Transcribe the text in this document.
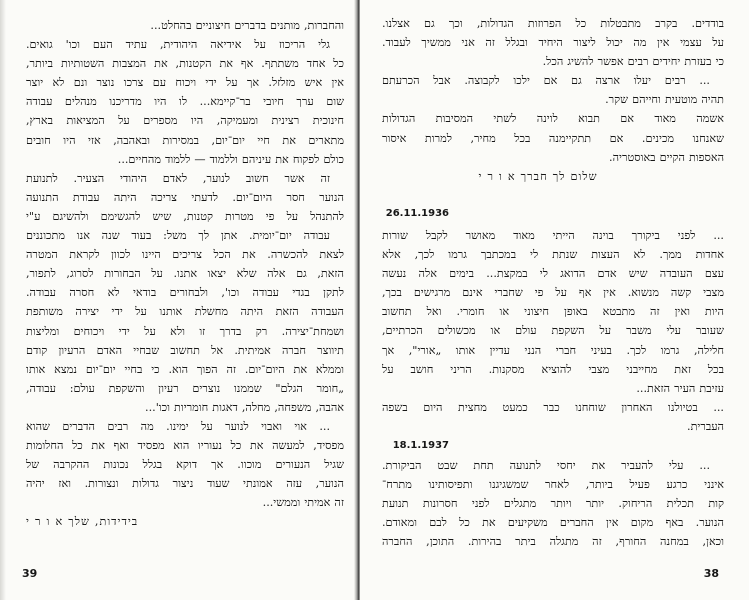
והחברות, מותנים בדברים חיצוניים בהחלט...
גלי הריכוז על אידיאה היהודית, עתיד העם וכו' גואים.
כל אחד משתתף. אף את הקטנות, את המצבות השטותיות ביותר,
אין איש מזלזל. אך על ידי ויכוח עם צרכו נוצר ונם לא יוצר
שום ערך חיובי בר־קיימא... לו היו מדריכנו מנהלים עבודה
חינוכית רצינית ומעמיקה, היו מספרים על המציאות בארץ,
מתארים את חיי יום־יום, במסירות ובאהבה, אזי היו חובים
כולם לפקוח את עיניהם וללמוד — ללמוד מהחיים...
זה אשר חשוב לנוער, לאדם היהודי הצעיר. לתנועת
הנוער חסר היום־יום. לדעתי צריכה היתה עבודת התנועה
להתנהל על פי מטרות קטנות, שיש להגשימם ולהשיגם ע"י
עבודה יום־יומית. אתן לך משל: בעוד שנה אנו מתכוננים
לצאת להכשרה. את הכל צריכים היינו לכוון לקראת המטרה
הזאת, גם אלה שלא יצאו אתנו. על הבחורות לסרוג, לתפור,
לתקן בגדי עבודה וכו', ולבחורים בודאי לא חסרה עבודה.
העבודה הזאת היתה מחשלת אותנו על ידי יצירה משותפת
ושמחת־יצירה. רק בדרך זו ולא על ידי ויכוחים ומליצות
תיווצר חברה אמיתית. אל תחשוב שבחיי האדם הרעיון קודם
וממלא את היום־יום. זה הפוך הוא. כי בחיי יום־יום נמצא אותו
„חומר הגלם" שממנו נוצרים רעיון והשקפת עולם: עבודה,
אהבה, משפחה, מחלה, דאגות חומריות וכו'...
... אוי ואבוי לנוער על ימינו. מה רבים הדברים שהוא
מפסיד, למעשה את כל נעוריו הוא מפסיד ואף את כל החלומות
שגיל הנעורים מוכוו. אך דוקא בגלל נכונות ההקרבה של
הנוער, עזה אמונתי שעוד ניצור גדולות ונצורות. ואז יהיה
זה אמיתי וממשי...
בידידות, שלך א ו ר י
39
בודדים. בקרב מתבטלות כל הפרוזות הגדולות, וכך גם אצלנו.
על עצמי אין מה יכול ליצור היחיד ובגלל זה אני ממשיך לעבוד.
כי בעזרת יחידים רבים אפשר להשיג הכל.
... רבים יעלו ארצה גם אם ילכו לקבוצה. אבל הכרעתם
תהיה מוטעית וחייהם שקר.
אשמה מאוד אם תבוא לוינה לשתי המסיבות הגדולות
שאנחנו מכינים. אם תתקיימנה בכל מחיר, למרות איסור
האספות הקיים באוסטריה.
שלום לך חברך א ו ר י
26.11.1936
... לפני ביקורך בוינה הייתי מאוד מאושר לקבל שורות
אחדות ממך. לא העצות שנתת לי במכתבך גרמו לכך, אלא
עצם העובדה שיש אדם הדואג לי במקצת... בימים אלה נעשה
מצבי קשה מנשוא. אין אף על פי שחברי אינם מרגישים בכך,
היות ואין זה מתבטא באופן חיצוני או חומרי. ואל תחשוב
שעובר עלי משבר על השקפת עולם או מכשולים הכרתיים,
חלילה, גרמו לכך. בעיני חברי הנני עדיין אותו „אורי", אך
בכל זאת מחייבני מצבי להוציא מסקנות. הריני חושב על
עזיבת העיר הזאת...
... בטיולנו האחרון שוחחנו כבר כמעט מחצית היום בשפה
העברית.
18.1.1937
... עלי להעביר את יחסי לתנועה תחת שבט הביקורת.
אינני כרגע פעיל ביותר, לאחר שמשגיגנו ותפיסותינו מתרח־
קות תכלית הריחוק. יותר ויותר מתגלים לפני חסרונות תנועת
הנוער. באף מקום אין החברים משקיעים את כל לבם ומאודם.
וכאן, במחנה החורף, זה מתגלה ביתר בהירות. התוכן, החברה
38
